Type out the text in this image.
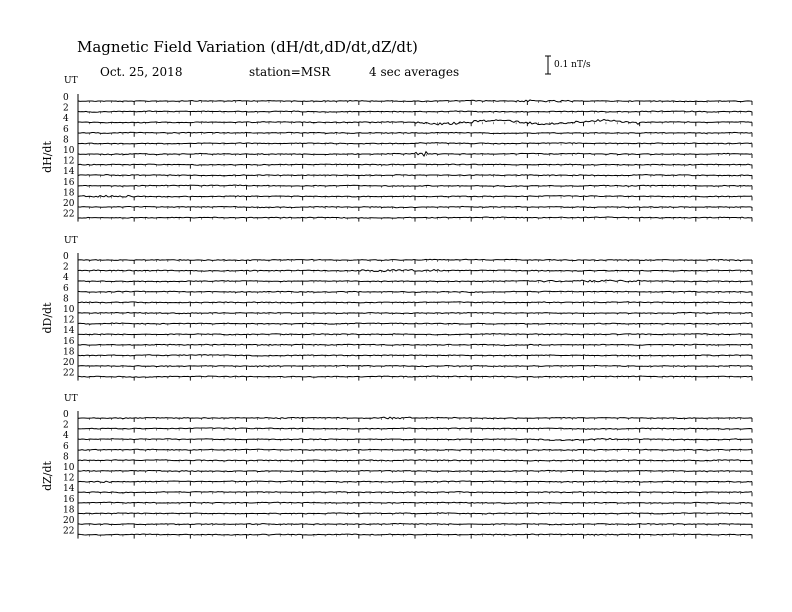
Magnetic Field Variation (dH/dt,dD/dt,dZ/dt)
Oct. 25, 2018	station=MSR	4 sec averages	0.1 nT/s
UT
dH/dt
0
2
4
6
8
10
12
14
16
18
20
22
UT
dD/dt
0
2
4
6
8
10
12
14
16
18
20
22
UT
dZ/dt
0
2
4
6
8
10
12
14
16
18
20
22
